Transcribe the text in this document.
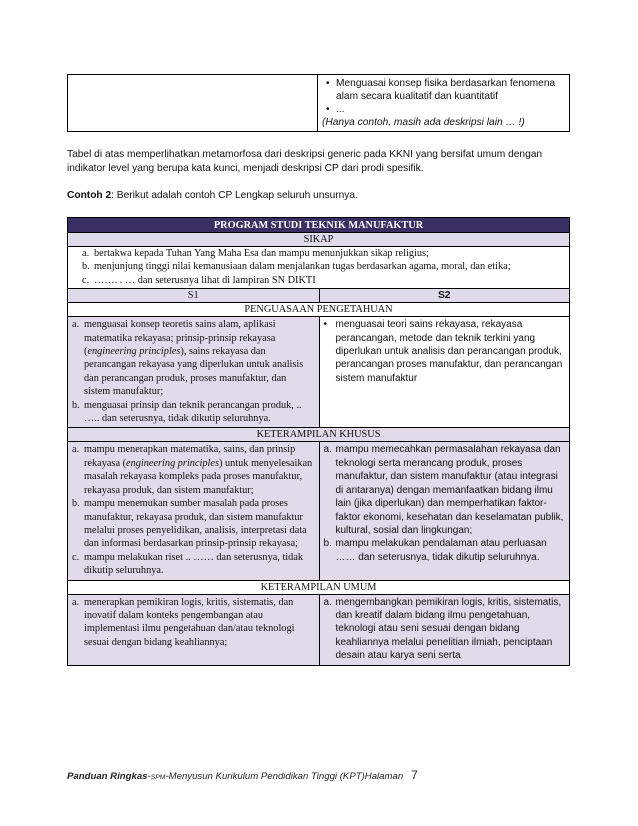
• Menguasai konsep fisika berdasarkan fenomena alam secara kualitatif dan kuantitatif
• ...
(Hanya contoh, masih ada deskripsi lain … !)
Tabel di atas memperlihatkan metamorfosa dari deskripsi generic pada KKNI yang bersifat umum dengan indikator level yang berupa kata kunci, menjadi deskripsi CP dari prodi spesifik.
Contoh 2: Berikut adalah contoh CP Lengkap seluruh unsurnya.
PROGRAM STUDI TEKNIK MANUFAKTUR
SIKAP
a. bertakwa kepada Tuhan Yang Maha Esa dan mampu menunjukkan sikap religius;
b. menjunjung tinggi nilai kemanusiaan dalam menjalankan tugas berdasarkan agama, moral, dan etika;
c. ……. . … dan seterusnya lihat di lampiran SN DIKTI
S1	S2
PENGUASAAN PENGETAHUAN
a. menguasai konsep teoretis sains alam, aplikasi matematika rekayasa; prinsip-prinsip rekayasa (engineering principles), sains rekayasa dan perancangan rekayasa yang diperlukan untuk analisis dan perancangan produk, proses manufaktur, dan sistem manufaktur;
b. menguasai prinsip dan teknik perancangan produk, .. ….. dan seterusnya, tidak dikutip seluruhnya.
• menguasai teori sains rekayasa, rekayasa perancangan, metode dan teknik terkini yang diperlukan untuk analisis dan perancangan produk, perancangan proses manufaktur, dan perancangan sistem manufaktur
KETERAMPILAN KHUSUS
a. mampu menerapkan matematika, sains, dan prinsip rekayasa (engineering principles) untuk menyelesaikan masalah rekayasa kompleks pada proses manufaktur, rekayasa produk, dan sistem manufaktur;
b. mampu menemukan sumber masalah pada proses manufaktur, rekayasa produk, dan sistem manufaktur melalui proses penyelidikan, analisis, interpretasi data dan informasi berdasarkan prinsip-prinsip rekayasa;
c. mampu melakukan riset .. …… dan seterusnya, tidak dikutip seluruhnya.
a. mampu memecahkan permasalahan rekayasa dan teknologi serta merancang produk, proses manufaktur, dan sistem manufaktur (atau integrasi di antaranya) dengan memanfaatkan bidang ilmu lain (jika diperlukan) dan memperhatikan faktor-faktor ekonomi, kesehatan dan keselamatan publik, kultural, sosial dan lingkungan;
b. mampu melakukan pendalaman atau perluasan …… dan seterusnya, tidak dikutip seluruhnya.
KETERAMPILAN UMUM
a. menerapkan pemikiran logis, kritis, sistematis, dan inovatif dalam konteks pengembangan atau implementasi ilmu pengetahuan dan/atau teknologi sesuai dengan bidang keahliannya;
a. mengembangkan pemikiran logis, kritis, sistematis, dan kreatif dalam bidang ilmu pengetahuan, teknologi atau seni sesuai dengan bidang keahliannya melalui penelitian ilmiah, penciptaan desain atau karya seni serta
Panduan Ringkas-SPM-Menyusun Kurikulum Pendidikan Tinggi (KPT)Halaman 7
